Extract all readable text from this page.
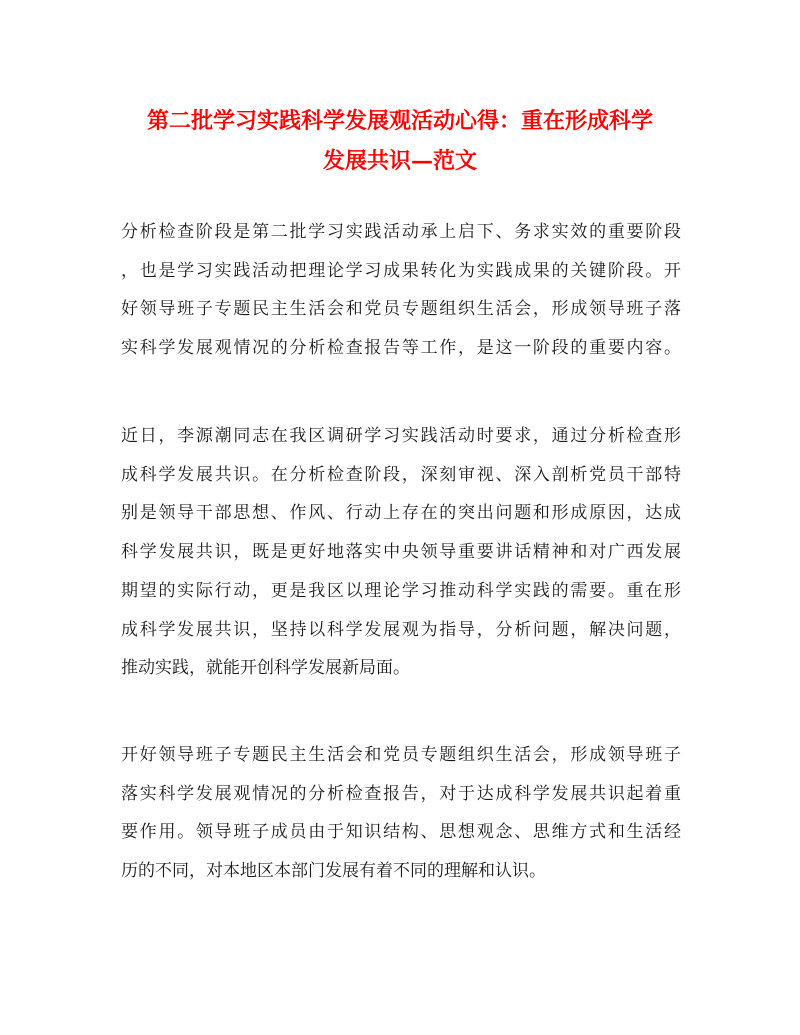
第二批学习实践科学发展观活动心得：重在形成科学
发展共识—范文

分析检查阶段是第二批学习实践活动承上启下、务求实效的重要阶段
，也是学习实践活动把理论学习成果转化为实践成果的关键阶段。开
好领导班子专题民主生活会和党员专题组织生活会，形成领导班子落
实科学发展观情况的分析检查报告等工作，是这一阶段的重要内容。

近日，李源潮同志在我区调研学习实践活动时要求，通过分析检查形
成科学发展共识。在分析检查阶段，深刻审视、深入剖析党员干部特
别是领导干部思想、作风、行动上存在的突出问题和形成原因，达成
科学发展共识，既是更好地落实中央领导重要讲话精神和对广西发展
期望的实际行动，更是我区以理论学习推动科学实践的需要。重在形
成科学发展共识，坚持以科学发展观为指导，分析问题，解决问题，
推动实践，就能开创科学发展新局面。

开好领导班子专题民主生活会和党员专题组织生活会，形成领导班子
落实科学发展观情况的分析检查报告，对于达成科学发展共识起着重
要作用。领导班子成员由于知识结构、思想观念、思维方式和生活经
历的不同，对本地区本部门发展有着不同的理解和认识。
